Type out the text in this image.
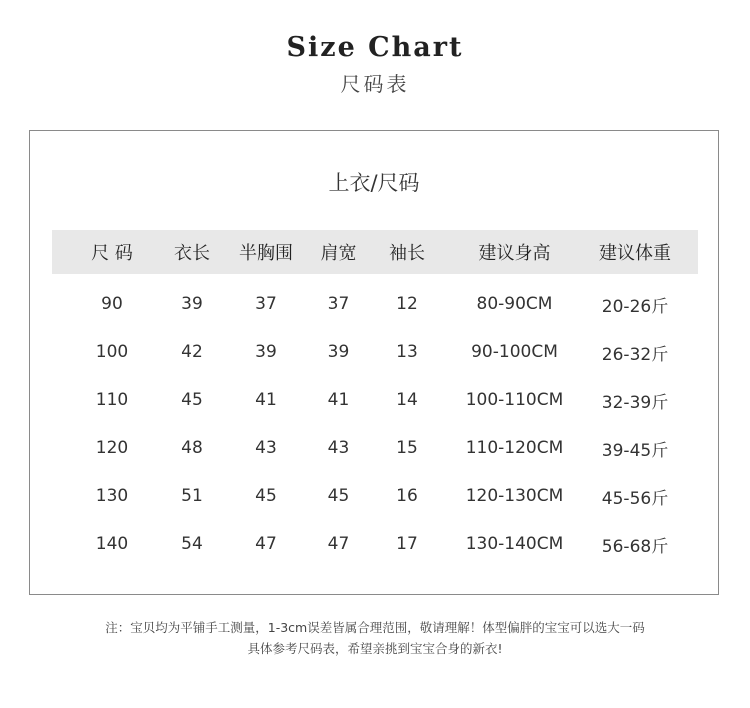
Size Chart
尺码表
上衣/尺码
尺 码	衣长	半胸围	肩宽	袖长	建议身高	建议体重
90	39	37	37	12	80-90CM	20-26斤
100	42	39	39	13	90-100CM	26-32斤
110	45	41	41	14	100-110CM	32-39斤
120	48	43	43	15	110-120CM	39-45斤
130	51	45	45	16	120-130CM	45-56斤
140	54	47	47	17	130-140CM	56-68斤
注：宝贝均为平铺手工测量，1-3cm误差皆属合理范围，敬请理解！体型偏胖的宝宝可以选大一码
具体参考尺码表，希望亲挑到宝宝合身的新衣!
